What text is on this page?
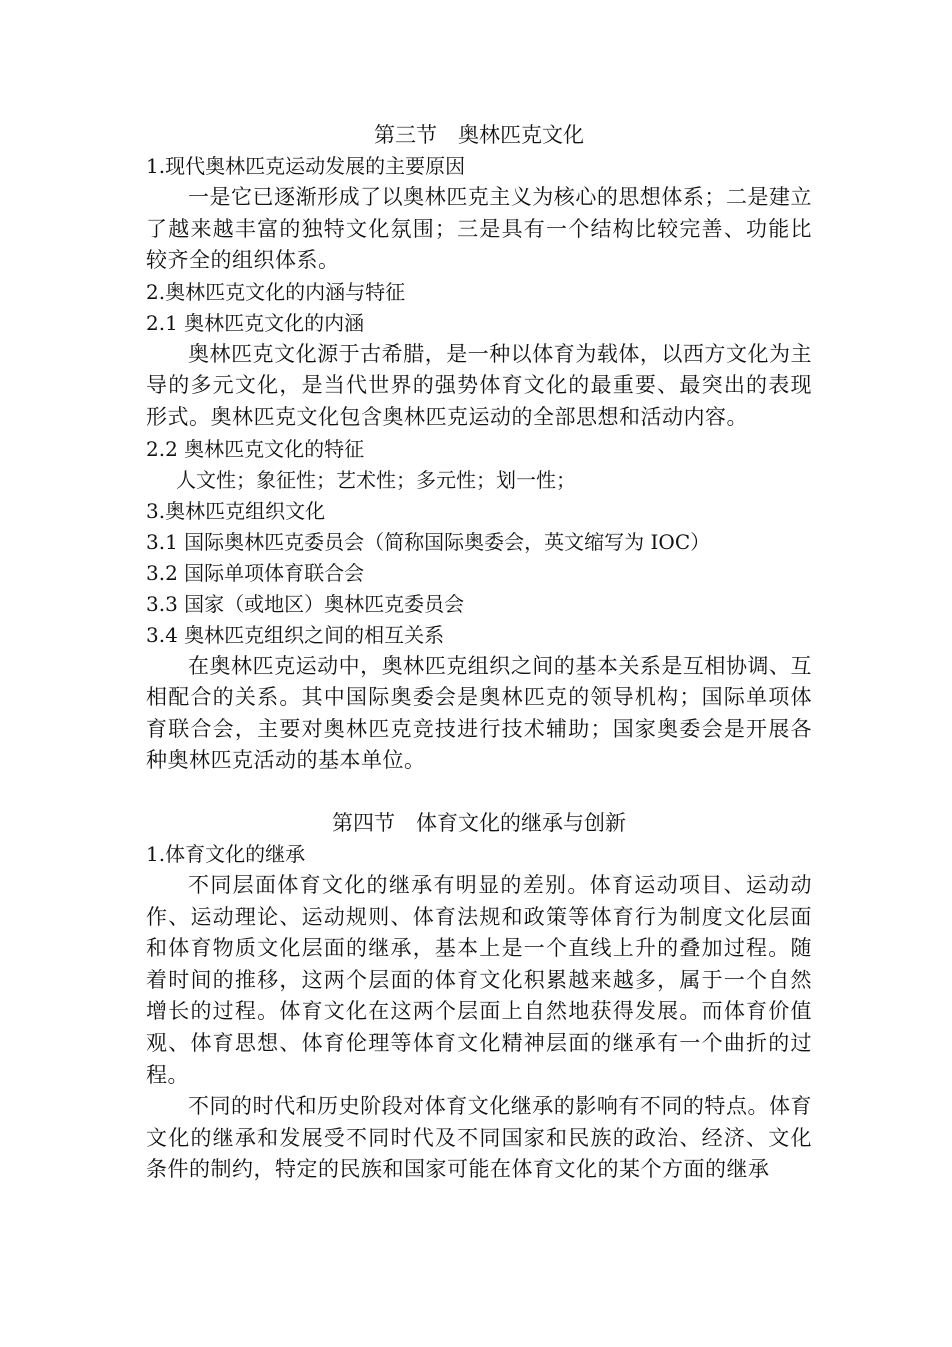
第三节　奥林匹克文化

1.现代奥林匹克运动发展的主要原因

一是它已逐渐形成了以奥林匹克主义为核心的思想体系；二是建立了越来越丰富的独特文化氛围；三是具有一个结构比较完善、功能比较齐全的组织体系。

2.奥林匹克文化的内涵与特征

2.1 奥林匹克文化的内涵

奥林匹克文化源于古希腊，是一种以体育为载体，以西方文化为主导的多元文化，是当代世界的强势体育文化的最重要、最突出的表现形式。奥林匹克文化包含奥林匹克运动的全部思想和活动内容。

2.2 奥林匹克文化的特征

人文性；象征性；艺术性；多元性；划一性；

3.奥林匹克组织文化

3.1 国际奥林匹克委员会（简称国际奥委会，英文缩写为 IOC）

3.2 国际单项体育联合会

3.3 国家（或地区）奥林匹克委员会

3.4 奥林匹克组织之间的相互关系

在奥林匹克运动中，奥林匹克组织之间的基本关系是互相协调、互相配合的关系。其中国际奥委会是奥林匹克的领导机构；国际单项体育联合会，主要对奥林匹克竞技进行技术辅助；国家奥委会是开展各种奥林匹克活动的基本单位。

第四节　体育文化的继承与创新

1.体育文化的继承

不同层面体育文化的继承有明显的差别。体育运动项目、运动动作、运动理论、运动规则、体育法规和政策等体育行为制度文化层面和体育物质文化层面的继承，基本上是一个直线上升的叠加过程。随着时间的推移，这两个层面的体育文化积累越来越多，属于一个自然增长的过程。体育文化在这两个层面上自然地获得发展。而体育价值观、体育思想、体育伦理等体育文化精神层面的继承有一个曲折的过程。

不同的时代和历史阶段对体育文化继承的影响有不同的特点。体育文化的继承和发展受不同时代及不同国家和民族的政治、经济、文化条件的制约，特定的民族和国家可能在体育文化的某个方面的继承
